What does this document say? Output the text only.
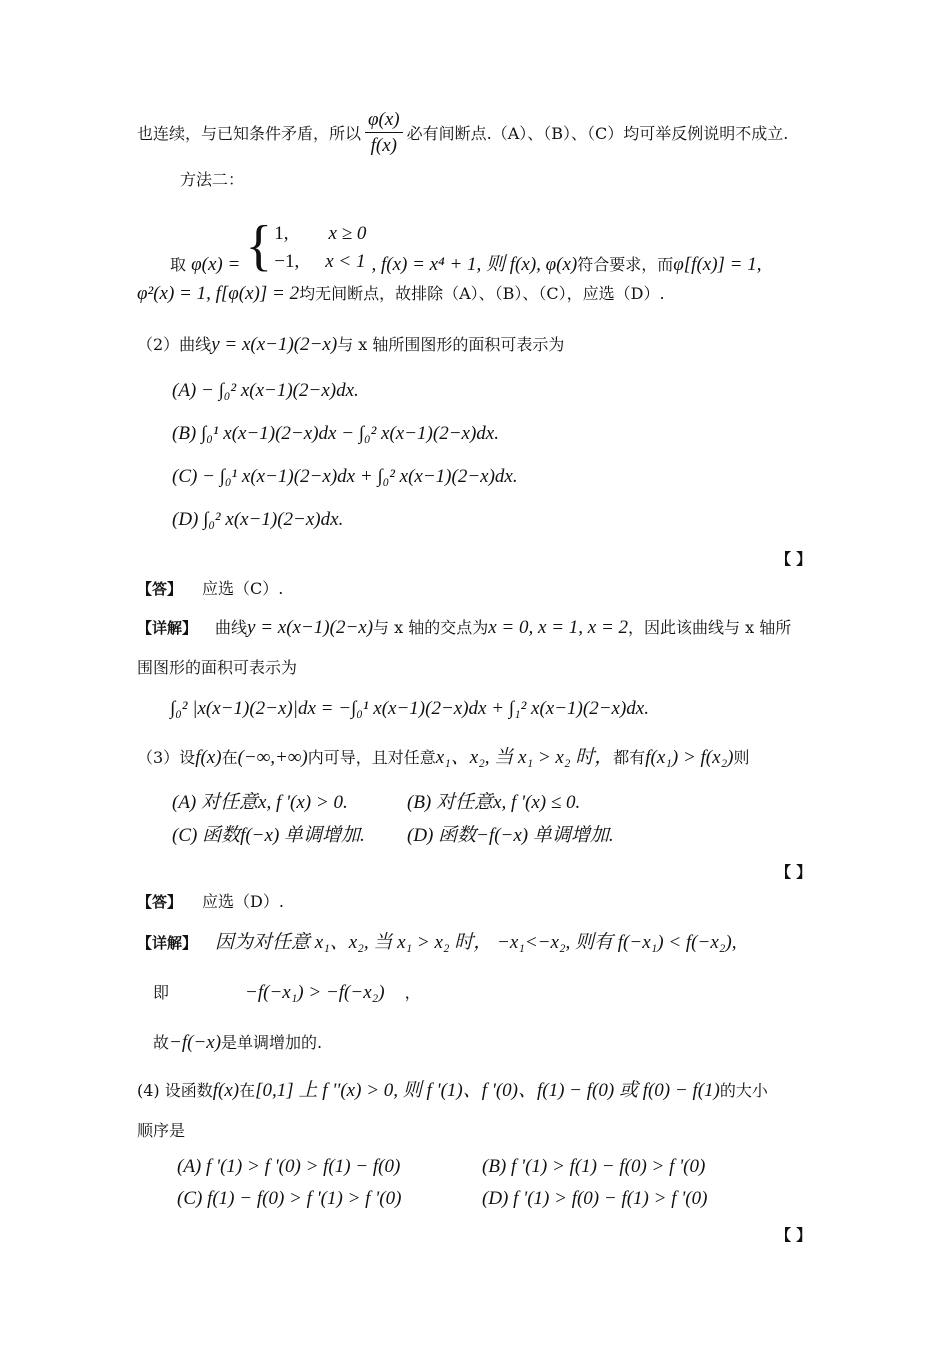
也连续，与已知条件矛盾，所以 $\frac{\varphi(x)}{f(x)}$ 必有间断点.（A）、（B）、（C）均可举反例说明不成立.
方法二：
取 φ(x) = { 1, x ≥ 0
−1, x < 1 , f(x) = x⁴ + 1, 则 f(x), φ(x)符合要求，而φ[f(x)] = 1,
φ²(x) = 1, f[φ(x)] = 2均无间断点，故排除（A）、（B）、（C），应选（D）.
（2）曲线y = x(x−1)(2−x)与 x 轴所围图形的面积可表示为
(A) − ∫₀² x(x−1)(2−x)dx.
(B) ∫₀¹ x(x−1)(2−x)dx − ∫₀² x(x−1)(2−x)dx.
(C) − ∫₀¹ x(x−1)(2−x)dx + ∫₀² x(x−1)(2−x)dx.
(D) ∫₀² x(x−1)(2−x)dx.
【 】
【答】 应选（C）.
【详解】 曲线y = x(x−1)(2−x)与 x 轴的交点为x = 0, x = 1, x = 2，因此该曲线与 x 轴所
围图形的面积可表示为
∫₀² |x(x−1)(2−x)|dx = −∫₀¹ x(x−1)(2−x)dx + ∫₁² x(x−1)(2−x)dx.
（3）设f(x)在(−∞,+∞)内可导，且对任意x₁、x₂, 当 x₁ > x₂ 时，都有f(x₁) > f(x₂)则
(A) 对任意x, f '(x) > 0.	(B) 对任意x, f '(x) ≤ 0.
(C) 函数f(−x) 单调增加. (D) 函数−f(−x) 单调增加.
【 】
【答】 应选（D）.
【详解】 因为对任意 x₁、x₂, 当 x₁ > x₂ 时， −x₁<−x₂, 则有 f(−x₁) < f(−x₂),
即	−f(−x₁) > −f(−x₂) ，
故−f(−x)是单调增加的.
(4) 设函数f(x)在[0,1] 上 f ''(x) > 0, 则 f '(1)、f '(0)、f(1) − f(0) 或 f(0) − f(1)的大小
顺序是
(A) f '(1) > f '(0) > f(1) − f(0)	(B) f '(1) > f(1) − f(0) > f '(0)
(C) f(1) − f(0) > f '(1) > f '(0)	(D) f '(1) > f(0) − f(1) > f '(0)
【 】
